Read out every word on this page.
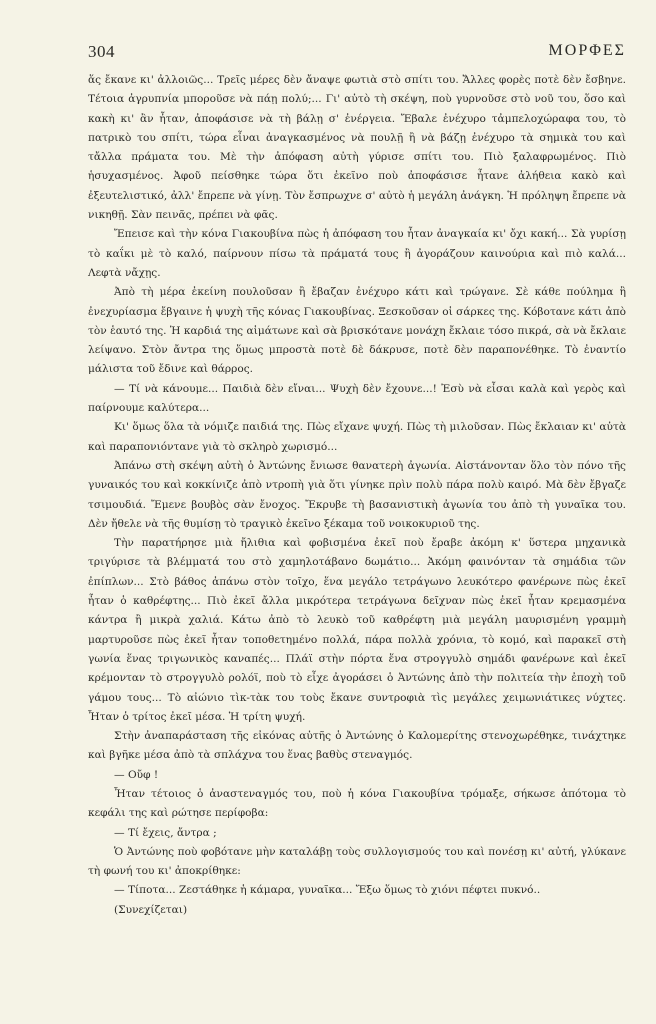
304	ΜΟΡΦΕΣ

ἅς ἔκανε κι' ἀλλοιῶς... Τρεῖς μέρες δὲν ἄναψε φωτιὰ στὸ σπίτι του. Ἄλλες φορὲς ποτὲ δὲν ἔσβηνε. Τέτοια ἀγρυπνία μποροῦσε νὰ πάῃ πολύ;... Γι' αὐτὸ τὴ σκέψη, ποὺ γυρνοῦσε στὸ νοῦ του, ὅσο καὶ κακὴ κι' ἂν ἦταν, ἀποφάσισε νὰ τὴ βάλῃ σ' ἐνέργεια. Ἔβαλε ἐνέχυρο τἀμπελοχώραφα του, τὸ πατρικὸ του σπίτι, τώρα εἶναι ἀναγκασμένος νὰ πουλῇ ἢ νὰ βάζῃ ἐνέχυρο τὰ σημικὰ του καὶ τἄλλα πράματα του. Μὲ τὴν ἀπόφαση αὐτὴ γύρισε σπίτι του. Πιὸ ξαλαφρωμένος. Πιὸ ἡσυχασμένος. Ἀφοῦ πείσθηκε τώρα ὅτι ἐκεῖνο ποὺ ἀποφάσισε ἦτανε ἀλήθεια κακὸ καὶ ἐξευτελιστικό, ἀλλ' ἔπρεπε νὰ γίνῃ. Τὸν ἔσπρωχνε σ' αὐτὸ ἡ μεγάλη ἀνάγκη. Ἡ πρόληψη ἔπρεπε νὰ νικηθῇ. Σὰν πεινᾶς, πρέπει νὰ φᾶς.

Ἔπεισε καὶ τὴν κόνα Γιακουβίνα πὼς ἡ ἀπόφαση του ἦταν ἀναγκαία κι' ὄχι κακή... Σὰ γυρίσῃ τὸ καΐκι μὲ τὸ καλό, παίρνουν πίσω τὰ πράματά τους ἢ ἀγοράζουν καινούρια καὶ πιὸ καλά... Λεφτὰ νἄχῃς.

Ἀπὸ τὴ μέρα ἐκείνη πουλοῦσαν ἢ ἔβαζαν ἐνέχυρο κάτι καὶ τρώγανε. Σὲ κάθε πούλημα ἢ ἐνεχυρίασμα ἔβγαινε ἡ ψυχὴ τῆς κόνας Γιακουβίνας. Ξεσκοῦσαν οἱ σάρκες της. Κόβοτανε κάτι ἀπὸ τὸν ἑαυτό της. Ἡ καρδιά της αἱμάτωνε καὶ σὰ βρισκότανε μονάχη ἔκλαιε τόσο πικρά, σὰ νὰ ἔκλαιε λείψανο. Στὸν ἄντρα της ὅμως μπροστὰ ποτὲ δὲ δάκρυσε, ποτὲ δὲν παραπονέθηκε. Τὸ ἐναντίο μάλιστα τοῦ ἔδινε καὶ θάρρος.

— Τί νὰ κάνουμε... Παιδιὰ δὲν εἴναι... Ψυχὴ δὲν ἔχουνε...! Ἐσὺ νὰ εἶσαι καλὰ καὶ γερὸς καὶ παίρνουμε καλύτερα...

Κι' ὅμως ὅλα τὰ νόμιζε παιδιά της. Πὼς εἴχανε ψυχή. Πὼς τὴ μιλοῦσαν. Πὼς ἔκλαιαν κι' αὐτὰ καὶ παραπονιόντανε γιὰ τὸ σκληρὸ χωρισμό...

Ἀπάνω στὴ σκέψη αὐτὴ ὁ Ἀντώνης ἔνιωσε θανατερὴ ἀγωνία. Αἰστάνονταν ὅλο τὸν πόνο τῆς γυναικός του καὶ κοκκίνιζε ἀπὸ ντροπὴ γιὰ ὅτι γίνηκε πρὶν πολὺ πάρα πολὺ καιρό. Μὰ δὲν ἔβγαζε τσιμουδιά. Ἔμενε βουβὸς σὰν ἔνοχος. Ἔκρυβε τὴ βασανιστικὴ ἀγωνία του ἀπὸ τὴ γυναῖκα του. Δὲν ἤθελε νὰ τῆς θυμίσῃ τὸ τραγικὸ ἐκεῖνο ξέκαμα τοῦ νοικοκυριοῦ της.

Τὴν παρατήρησε μιὰ ἤλιθια καὶ φοβισμένα ἐκεῖ ποὺ ἔραβε ἀκόμη κ' ὕστερα μηχανικὰ τριγύρισε τὰ βλέμματά του στὸ χαμηλοτάβανο δωμάτιο... Ἀκόμη φαινόνταν τὰ σημάδια τῶν ἐπίπλων... Στὸ βάθος ἀπάνω στὸν τοῖχο, ἕνα μεγάλο τετράγωνο λευκότερο φανέρωνε πὼς ἐκεῖ ἦταν ὁ καθρέφτης... Πιὸ ἐκεῖ ἄλλα μικρότερα τετράγωνα δεῖχναν πὼς ἐκεῖ ἦταν κρεμασμένα κάντρα ἢ μικρὰ χαλιά. Κάτω ἀπὸ τὸ λευκὸ τοῦ καθρέφτη μιὰ μεγάλη μαυρισμένη γραμμὴ μαρτυροῦσε πὼς ἐκεῖ ἦταν τοποθετημένο πολλά, πάρα πολλὰ χρόνια, τὸ κομό, καὶ παρακεῖ στὴ γωνία ἕνας τριγωνικὸς καναπές... Πλάϊ στὴν πόρτα ἕνα στρογγυλὸ σημάδι φανέρωνε καὶ ἐκεῖ κρέμονταν τὸ στρογγυλὸ ρολόϊ, ποὺ τὸ εἶχε ἀγοράσει ὁ Ἀντώνης ἀπὸ τὴν πολιτεία τὴν ἐποχὴ τοῦ γάμου τους... Τὸ αἰώνιο τὶκ-τὰκ του τοὺς ἔκανε συντροφιὰ τὶς μεγάλες χειμωνιάτικες νύχτες. Ἦταν ὁ τρίτος ἐκεῖ μέσα. Ἡ τρίτη ψυχή.

Στὴν ἀναπαράσταση τῆς εἰκόνας αὐτῆς ὁ Ἀντώνης ὁ Καλομερίτης στενοχωρέθηκε, τινάχτηκε καὶ βγῆκε μέσα ἀπὸ τὰ σπλάχνα του ἕνας βαθὺς στεναγμός.

— Οὔφ !

Ἦταν τέτοιος ὁ ἀναστεναγμός του, ποὺ ἡ κόνα Γιακουβίνα τρόμαξε, σήκωσε ἀπότομα τὸ κεφάλι της καὶ ρώτησε περίφοβα:

— Τί ἔχεις, ἄντρα ;

Ὁ Ἀντώνης ποὺ φοβότανε μὴν καταλάβῃ τοὺς συλλογισμούς του καὶ πονέσῃ κι' αὐτή, γλύκανε τὴ φωνή του κι' ἀποκρίθηκε:

— Τίποτα... Ζεστάθηκε ἡ κάμαρα, γυναῖκα... Ἔξω ὅμως τὸ χιόνι πέφτει πυκνό..

(Συνεχίζεται)
